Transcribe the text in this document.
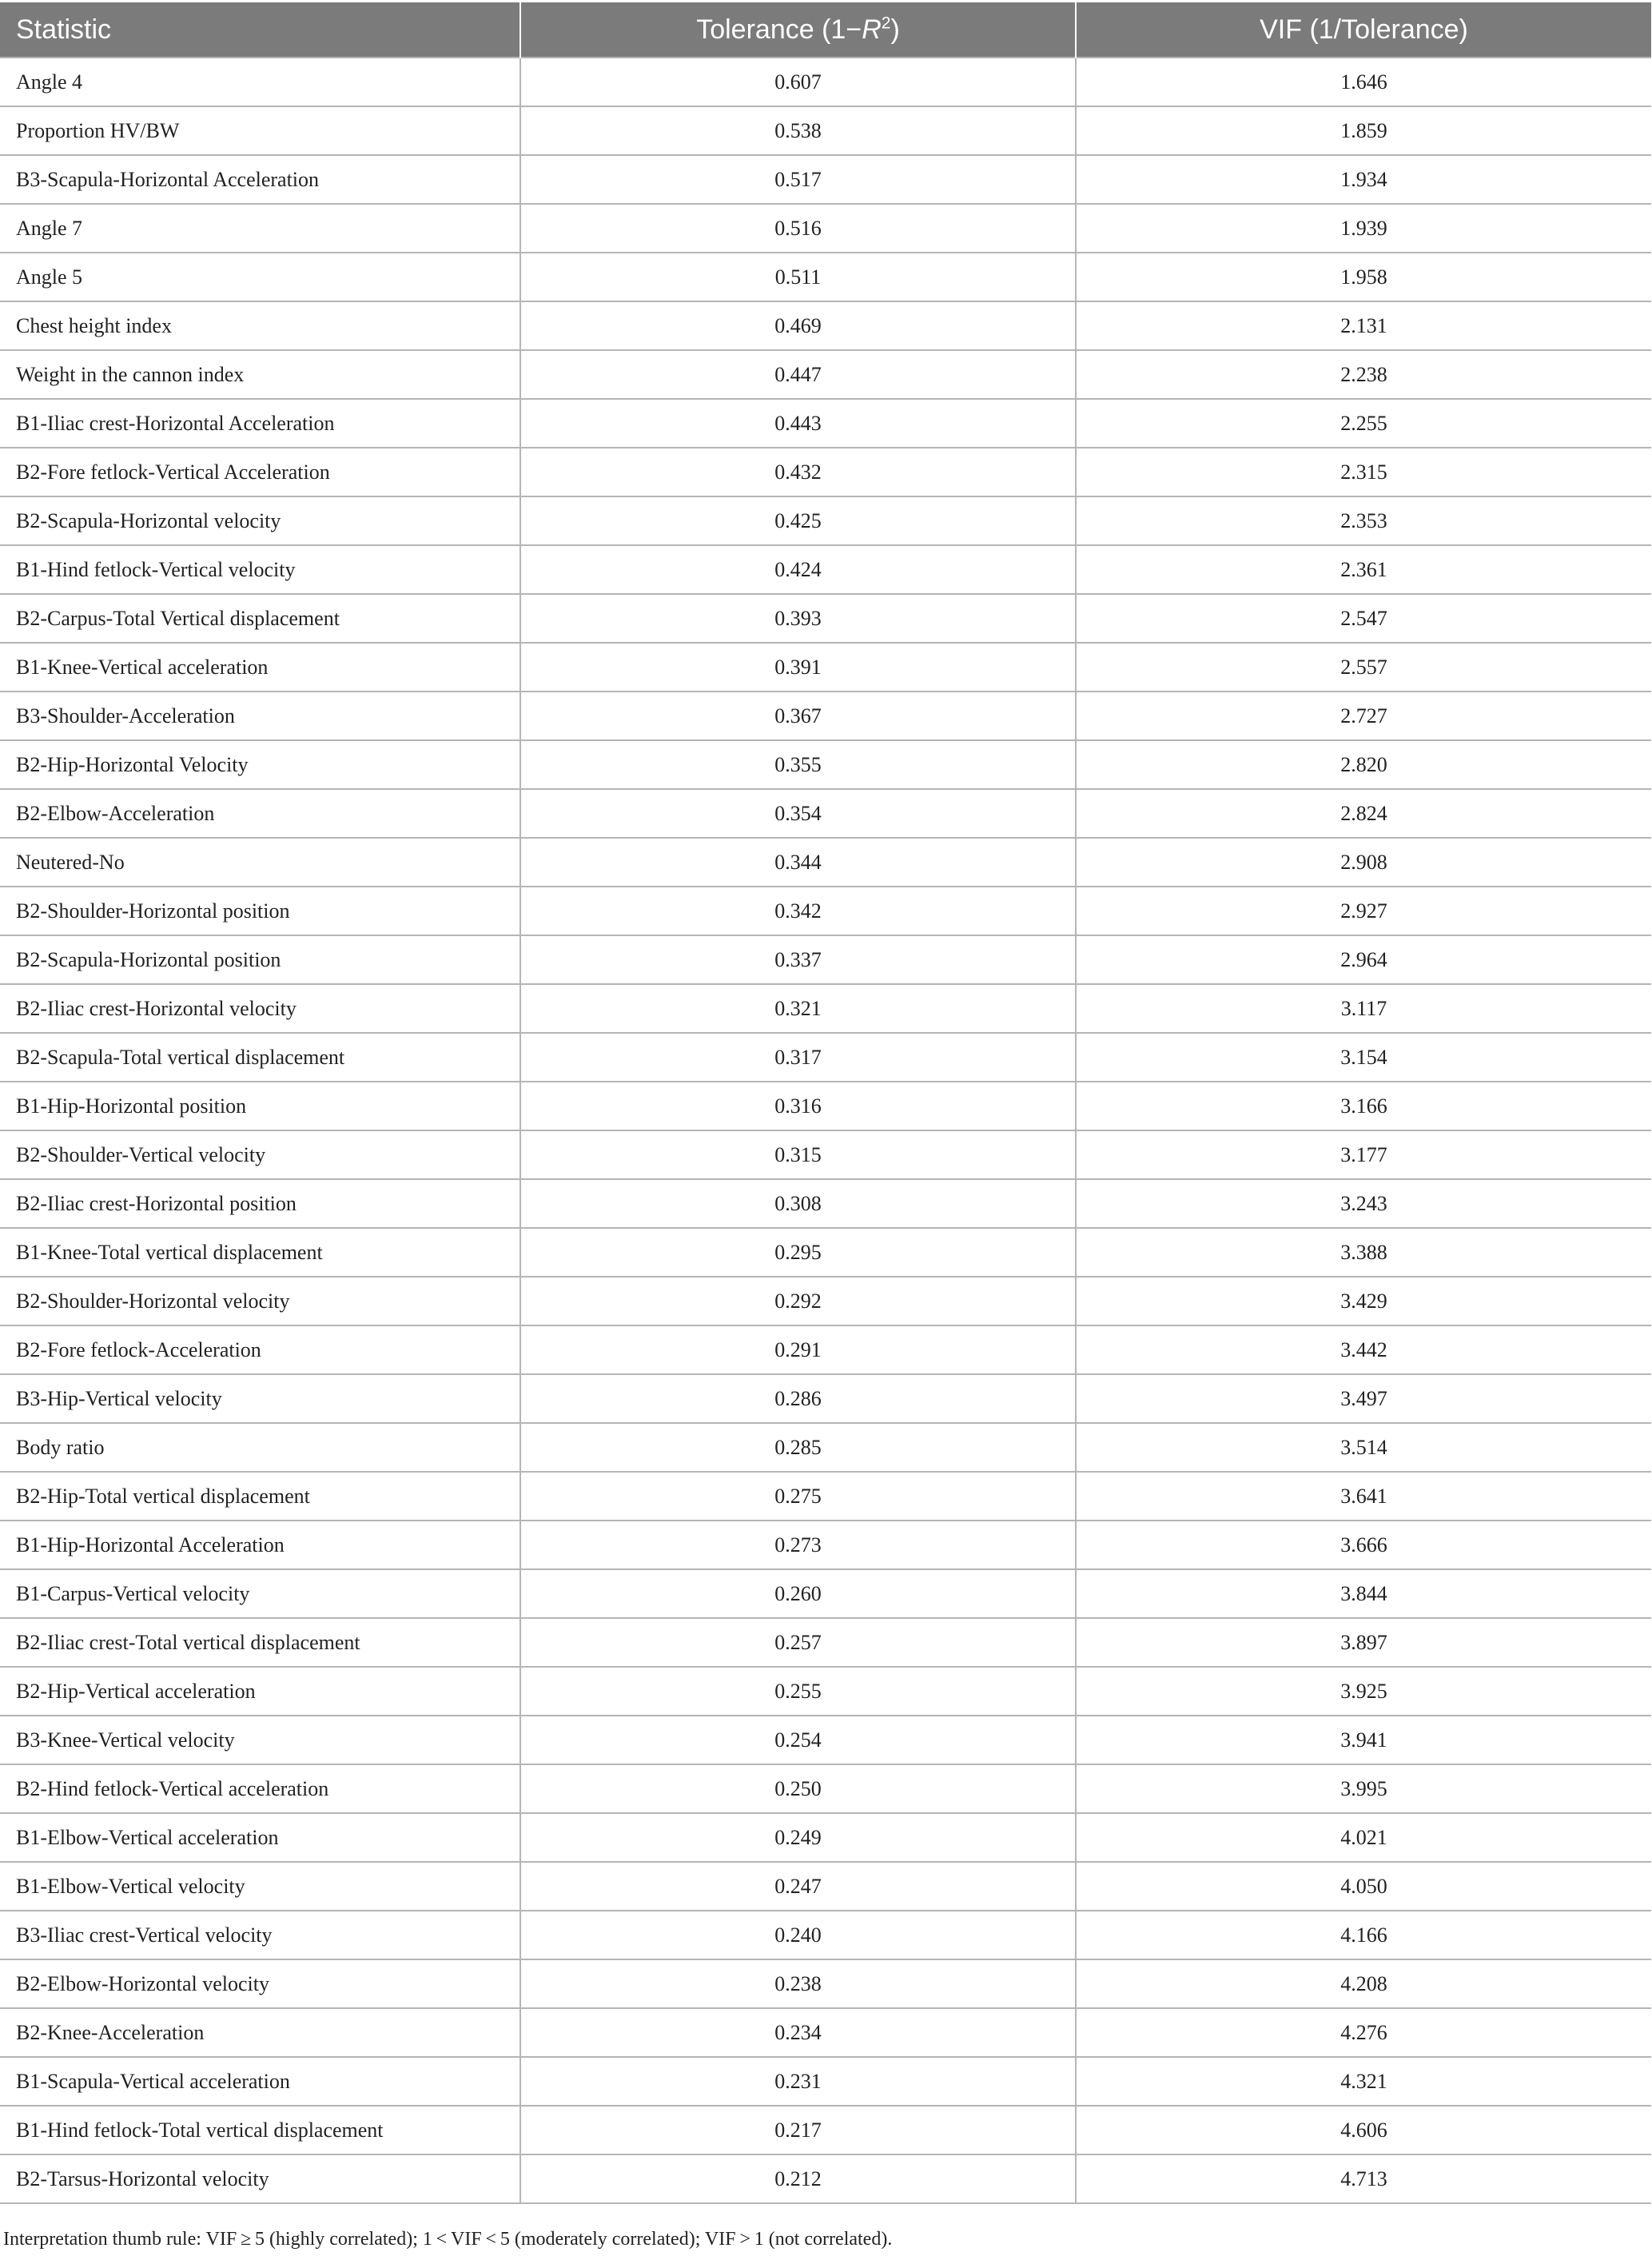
Statistic	Tolerance $(1-R^2)$	VIF (1/Tolerance)
Angle 4	0.607	1.646
Proportion HV/BW	0.538	1.859
B3-Scapula-Horizontal Acceleration	0.517	1.934
Angle 7	0.516	1.939
Angle 5	0.511	1.958
Chest height index	0.469	2.131
Weight in the cannon index	0.447	2.238
B1-Iliac crest-Horizontal Acceleration	0.443	2.255
B2-Fore fetlock-Vertical Acceleration	0.432	2.315
B2-Scapula-Horizontal velocity	0.425	2.353
B1-Hind fetlock-Vertical velocity	0.424	2.361
B2-Carpus-Total Vertical displacement	0.393	2.547
B1-Knee-Vertical acceleration	0.391	2.557
B3-Shoulder-Acceleration	0.367	2.727
B2-Hip-Horizontal Velocity	0.355	2.820
B2-Elbow-Acceleration	0.354	2.824
Neutered-No	0.344	2.908
B2-Shoulder-Horizontal position	0.342	2.927
B2-Scapula-Horizontal position	0.337	2.964
B2-Iliac crest-Horizontal velocity	0.321	3.117
B2-Scapula-Total vertical displacement	0.317	3.154
B1-Hip-Horizontal position	0.316	3.166
B2-Shoulder-Vertical velocity	0.315	3.177
B2-Iliac crest-Horizontal position	0.308	3.243
B1-Knee-Total vertical displacement	0.295	3.388
B2-Shoulder-Horizontal velocity	0.292	3.429
B2-Fore fetlock-Acceleration	0.291	3.442
B3-Hip-Vertical velocity	0.286	3.497
Body ratio	0.285	3.514
B2-Hip-Total vertical displacement	0.275	3.641
B1-Hip-Horizontal Acceleration	0.273	3.666
B1-Carpus-Vertical velocity	0.260	3.844
B2-Iliac crest-Total vertical displacement	0.257	3.897
B2-Hip-Vertical acceleration	0.255	3.925
B3-Knee-Vertical velocity	0.254	3.941
B2-Hind fetlock-Vertical acceleration	0.250	3.995
B1-Elbow-Vertical acceleration	0.249	4.021
B1-Elbow-Vertical velocity	0.247	4.050
B3-Iliac crest-Vertical velocity	0.240	4.166
B2-Elbow-Horizontal velocity	0.238	4.208
B2-Knee-Acceleration	0.234	4.276
B1-Scapula-Vertical acceleration	0.231	4.321
B1-Hind fetlock-Total vertical displacement	0.217	4.606
B2-Tarsus-Horizontal velocity	0.212	4.713
Interpretation thumb rule: VIF ≥ 5 (highly correlated); 1 < VIF < 5 (moderately correlated); VIF > 1 (not correlated).
